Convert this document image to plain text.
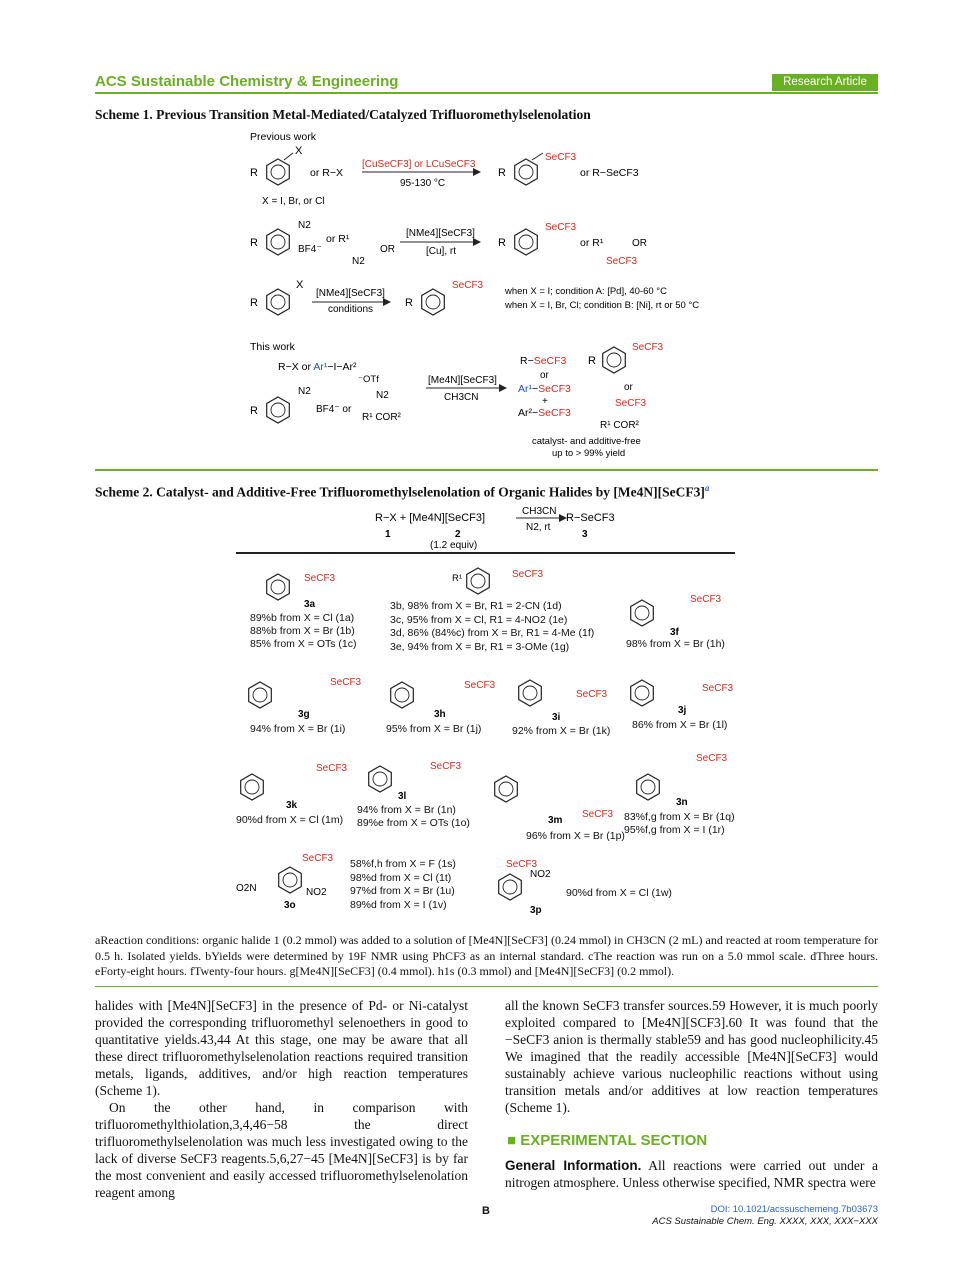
ACS Sustainable Chemistry & Engineering	Research Article
Scheme 1. Previous Transition Metal-Mediated/Catalyzed Trifluoromethylselenolation
Previous work
R
X
or R−X
[CuSeCF3] or LCuSeCF3
95-130 °C
R
SeCF3
or R−SeCF3
X = I, Br, or Cl
R
N2
BF4⁻
or R¹
OR
N2
[NMe4][SeCF3]
[Cu], rt
R
SeCF3
or R¹	OR
SeCF3
R
X
[NMe4][SeCF3]
conditions
R
SeCF3
when X = I; condition A: [Pd], 40-60 °C
when X = I, Br, Cl; condition B: [Ni], rt or 50 °C
This work
R−X or Ar¹−I−Ar²
⁻OTf
R
N2
BF4⁻ or
N2
R¹ COR²
[Me4N][SeCF3]
CH3CN
R−SeCF3
or
Ar¹−SeCF3
+
Ar²−SeCF3
R
SeCF3
or
SeCF3
R¹ COR²
catalyst- and additive-free
up to > 99% yield
Scheme 2. Catalyst- and Additive-Free Trifluoromethylselenolation of Organic Halides by [Me4N][SeCF3]$^a$
R−X + [Me4N][SeCF3]
CH3CN
N2, rt
R−SeCF3
1	2
(1.2 equiv)
3
SeCF3
3a
R¹	SeCF3
SeCF3
3f
SeCF3
3g
SeCF3
3h
SeCF3
3i
SeCF3
3j
SeCF3
3k
SeCF3
3l
SeCF3
3m
SeCF3
3n
SeCF3
O2N	NO2
3o
SeCF3
NO2
3p
89%b from X = Cl (1a)
88%b from X = Br (1b)
85% from X = OTs (1c)
3b, 98% from X = Br, R1 = 2-CN (1d)
3c, 95% from X = Cl, R1 = 4-NO2 (1e)
3d, 86% (84%c) from X = Br, R1 = 4-Me (1f)
3e, 94% from X = Br, R1 = 3-OMe (1g)	98% from X = Br (1h)
94% from X = Br (1i)	95% from X = Br (1j)	92% from X = Br (1k) 86% from X = Br (1l)
90%d from X = Cl (1m)
94% from X = Br (1n)
89%e from X = OTs (1o)
96% from X = Br (1p)
83%f,g from X = Br (1q)
95%f,g from X = I (1r)
58%f,h from X = F (1s)
98%d from X = Cl (1t)
97%d from X = Br (1u)
89%d from X = I (1v)
90%d from X = Cl (1w)
aReaction conditions: organic halide 1 (0.2 mmol) was added to a solution of [Me4N][SeCF3] (0.24 mmol) in CH3CN (2 mL) and reacted at room temperature for 0.5 h. Isolated yields. bYields were determined by 19F NMR using PhCF3 as an internal standard. cThe reaction was run on a 5.0 mmol scale. dThree hours. eForty-eight hours. fTwenty-four hours. g[Me4N][SeCF3] (0.4 mmol). h1s (0.3 mmol) and [Me4N][SeCF3] (0.2 mmol).

halides with [Me4N][SeCF3] in the presence of Pd- or Ni-catalyst provided the corresponding trifluoromethyl selenoethers in good to quantitative yields.43,44 At this stage, one may be aware that all these direct trifluoromethylselenolation reactions required transition metals, ligands, additives, and/or high reaction temperatures (Scheme 1).

On the other hand, in comparison with trifluoromethylthiolation,3,4,46−58 the direct trifluoromethylselenolation was much less investigated owing to the lack of diverse SeCF3 reagents.5,6,27−45 [Me4N][SeCF3] is by far the most convenient and easily accessed trifluoromethylselenolation reagent among

all the known SeCF3 transfer sources.59 However, it is much poorly exploited compared to [Me4N][SCF3].60 It was found that the −SeCF3 anion is thermally stable59 and has good nucleophilicity.45 We imagined that the readily accessible [Me4N][SeCF3] would sustainably achieve various nucleophilic reactions without using transition metals and/or additives at low reaction temperatures (Scheme 1).

■ EXPERIMENTAL SECTION
General Information. All reactions were carried out under a nitrogen atmosphere. Unless otherwise specified, NMR spectra were
B	DOI: 10.1021/acssuschemeng.7b03673
ACS Sustainable Chem. Eng. XXXX, XXX, XXX−XXX
